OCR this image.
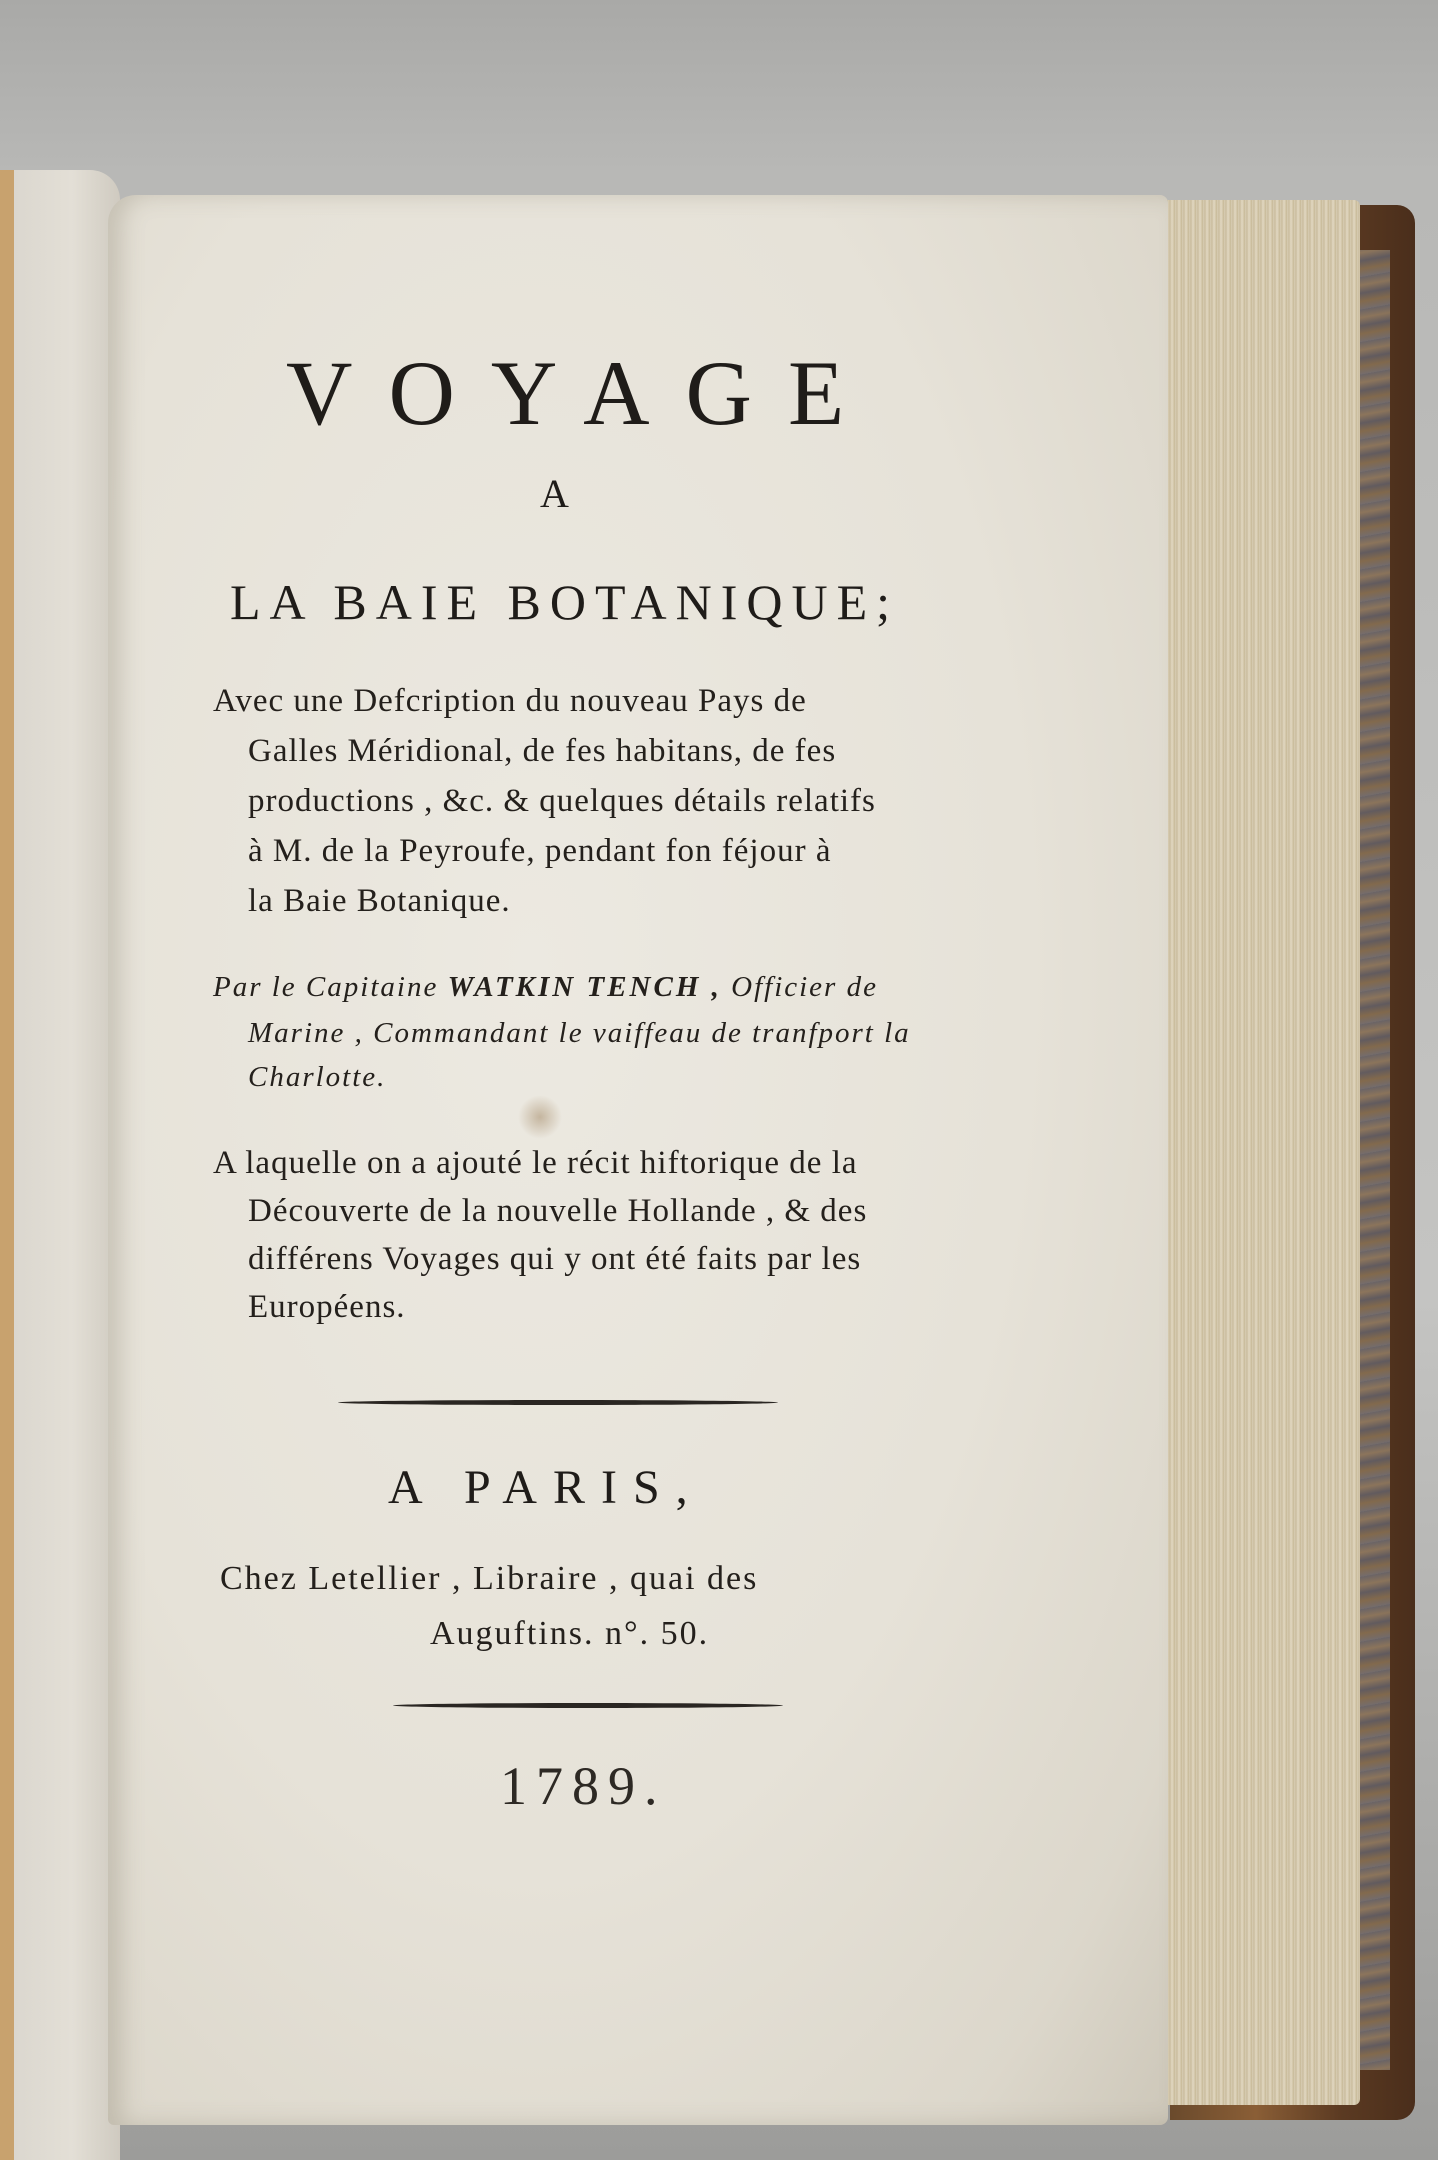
VOYAGE
A
LA BAIE BOTANIQUE;
Avec une Defcription du nouveau Pays de
Galles Méridional, de fes habitans, de fes
productions , &c. & quelques détails relatifs
à M. de la Peyroufe, pendant fon féjour à
la Baie Botanique.
Par le Capitaine WATKIN TENCH , Officier de
Marine , Commandant le vaiffeau de tranfport la
Charlotte.
A laquelle on a ajouté le récit hiftorique de la
Découverte de la nouvelle Hollande , & des
différens Voyages qui y ont été faits par les
Européens.
A PARIS,
Chez Letellier , Libraire , quai des
Auguftins. n°. 50.
1789.
